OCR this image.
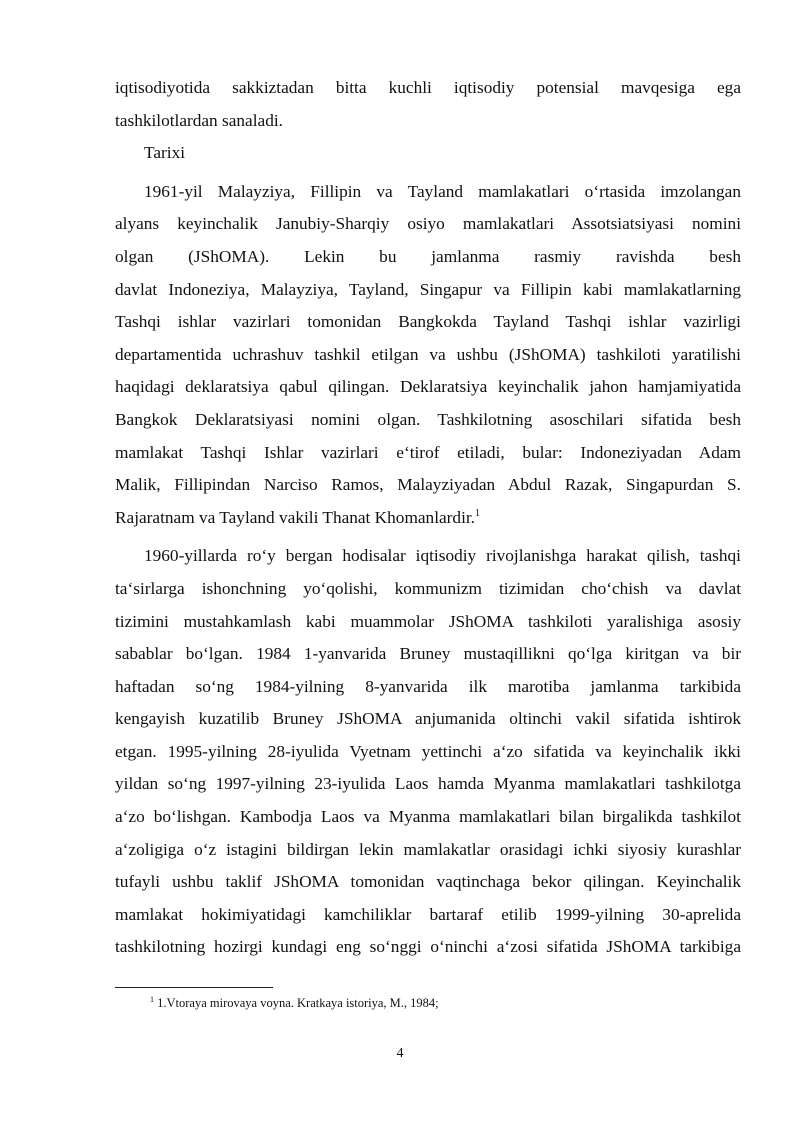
iqtisodiyotida sakkiztadan bitta kuchli iqtisodiy potensial mavqesiga ega
tashkilotlardan sanaladi.
Tarixi
1961-yil Malayziya, Fillipin va Tayland mamlakatlari o‘rtasida imzolangan
alyans keyinchalik Janubiy-Sharqiy osiyo mamlakatlari Assotsiatsiyasi nomini
olgan (JShOMA). Lekin bu jamlanma rasmiy ravishda besh
davlat Indoneziya, Malayziya, Tayland, Singapur va Fillipin kabi mamlakatlarning
Tashqi ishlar vazirlari tomonidan Bangkokda Tayland Tashqi ishlar vazirligi
departamentida uchrashuv tashkil etilgan va ushbu (JShOMA) tashkiloti yaratilishi
haqidagi deklaratsiya qabul qilingan. Deklaratsiya keyinchalik jahon hamjamiyatida
Bangkok Deklaratsiyasi nomini olgan. Tashkilotning asoschilari sifatida besh
mamlakat Tashqi Ishlar vazirlari e‘tirof etiladi, bular: Indoneziyadan Adam
Malik, Fillipindan Narciso Ramos, Malayziyadan Abdul Razak, Singapurdan S.
Rajaratnam va Tayland vakili Thanat Khomanlardir.$^1$
1960-yillarda ro‘y bergan hodisalar iqtisodiy rivojlanishga harakat qilish, tashqi
ta‘sirlarga ishonchning yo‘qolishi, kommunizm tizimidan cho‘chish va davlat
tizimini mustahkamlash kabi muammolar JShOMA tashkiloti yaralishiga asosiy
sabablar bo‘lgan. 1984 1-yanvarida Bruney mustaqillikni qo‘lga kiritgan va bir
haftadan so‘ng 1984-yilning 8-yanvarida ilk marotiba jamlanma tarkibida
kengayish kuzatilib Bruney JShOMA anjumanida oltinchi vakil sifatida ishtirok
etgan. 1995-yilning 28-iyulida Vyetnam yettinchi a‘zo sifatida va keyinchalik ikki
yildan so‘ng 1997-yilning 23-iyulida Laos hamda Myanma mamlakatlari tashkilotga
a‘zo bo‘lishgan. Kambodja Laos va Myanma mamlakatlari bilan birgalikda tashkilot
a‘zoligiga o‘z istagini bildirgan lekin mamlakatlar orasidagi ichki siyosiy kurashlar
tufayli ushbu taklif JShOMA tomonidan vaqtinchaga bekor qilingan. Keyinchalik
mamlakat hokimiyatidagi kamchiliklar bartaraf etilib 1999-yilning 30-aprelida
tashkilotning hozirgi kundagi eng so‘nggi o‘ninchi a‘zosi sifatida JShOMA tarkibiga
$^1$ 1.Vtoraya mirovaya voyna. Kratkaya istoriya, M., 1984;
4
